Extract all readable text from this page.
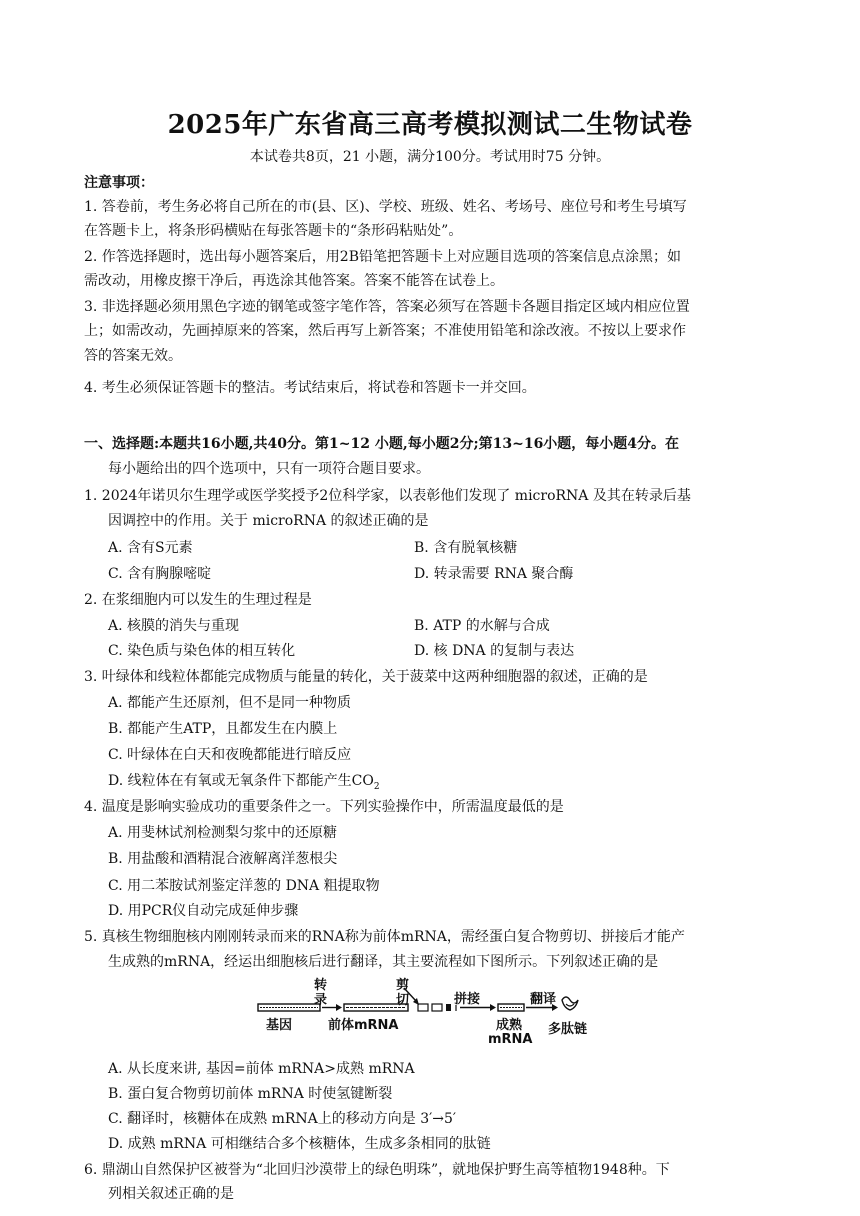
2025年广东省高三高考模拟测试二生物试卷
本试卷共8页，21 小题，满分100分。考试用时75 分钟。
注意事项：
1. 答卷前，考生务必将自己所在的市(县、区)、学校、班级、姓名、考场号、座位号和考生号填写
在答题卡上，将条形码横贴在每张答题卡的“条形码粘贴处”。
2. 作答选择题时，选出每小题答案后，用2B铅笔把答题卡上对应题目选项的答案信息点涂黑；如
需改动，用橡皮擦干净后，再选涂其他答案。答案不能答在试卷上。
3. 非选择题必须用黑色字迹的钢笔或签字笔作答，答案必须写在答题卡各题目指定区域内相应位置
上；如需改动，先画掉原来的答案，然后再写上新答案；不准使用铅笔和涂改液。不按以上要求作
答的答案无效。
4. 考生必须保证答题卡的整洁。考试结束后，将试卷和答题卡一并交回。
一、选择题:本题共16小题,共40分。第1~12 小题,每小题2分;第13~16小题，每小题4分。在
每小题给出的四个选项中，只有一项符合题目要求。
1. 2024年诺贝尔生理学或医学奖授予2位科学家，以表彰他们发现了 microRNA 及其在转录后基
因调控中的作用。关于 microRNA 的叙述正确的是
A. 含有S元素	B. 含有脱氧核糖
C. 含有胸腺嘧啶	D. 转录需要 RNA 聚合酶
2. 在浆细胞内可以发生的生理过程是
A. 核膜的消失与重现	B. ATP 的水解与合成
C. 染色质与染色体的相互转化	D. 核 DNA 的复制与表达
3. 叶绿体和线粒体都能完成物质与能量的转化，关于菠菜中这两种细胞器的叙述，正确的是
A. 都能产生还原剂，但不是同一种物质
B. 都能产生ATP，且都发生在内膜上
C. 叶绿体在白天和夜晚都能进行暗反应
D. 线粒体在有氧或无氧条件下都能产生$CO_2$
4. 温度是影响实验成功的重要条件之一。下列实验操作中，所需温度最低的是
A. 用斐林试剂检测梨匀浆中的还原糖
B. 用盐酸和酒精混合液解离洋葱根尖
C. 用二苯胺试剂鉴定洋葱的 DNA 粗提取物
D. 用PCR仪自动完成延伸步骤
5. 真核生物细胞核内刚刚转录而来的RNA称为前体mRNA，需经蛋白复合物剪切、拼接后才能产
生成熟的mRNA，经运出细胞核后进行翻译，其主要流程如下图所示。下列叙述正确的是
转
录
剪
切	拼接	翻译
基因	前体mRNA	成熟
mRNA
多肽链
A. 从长度来讲, 基因=前体 mRNA>成熟 mRNA
B. 蛋白复合物剪切前体 mRNA 时使氢键断裂
C. 翻译时，核糖体在成熟 mRNA上的移动方向是 3′→5′
D. 成熟 mRNA 可相继结合多个核糖体，生成多条相同的肽链
6. 鼎湖山自然保护区被誉为“北回归沙漠带上的绿色明珠”，就地保护野生高等植物1948种。下
列相关叙述正确的是
